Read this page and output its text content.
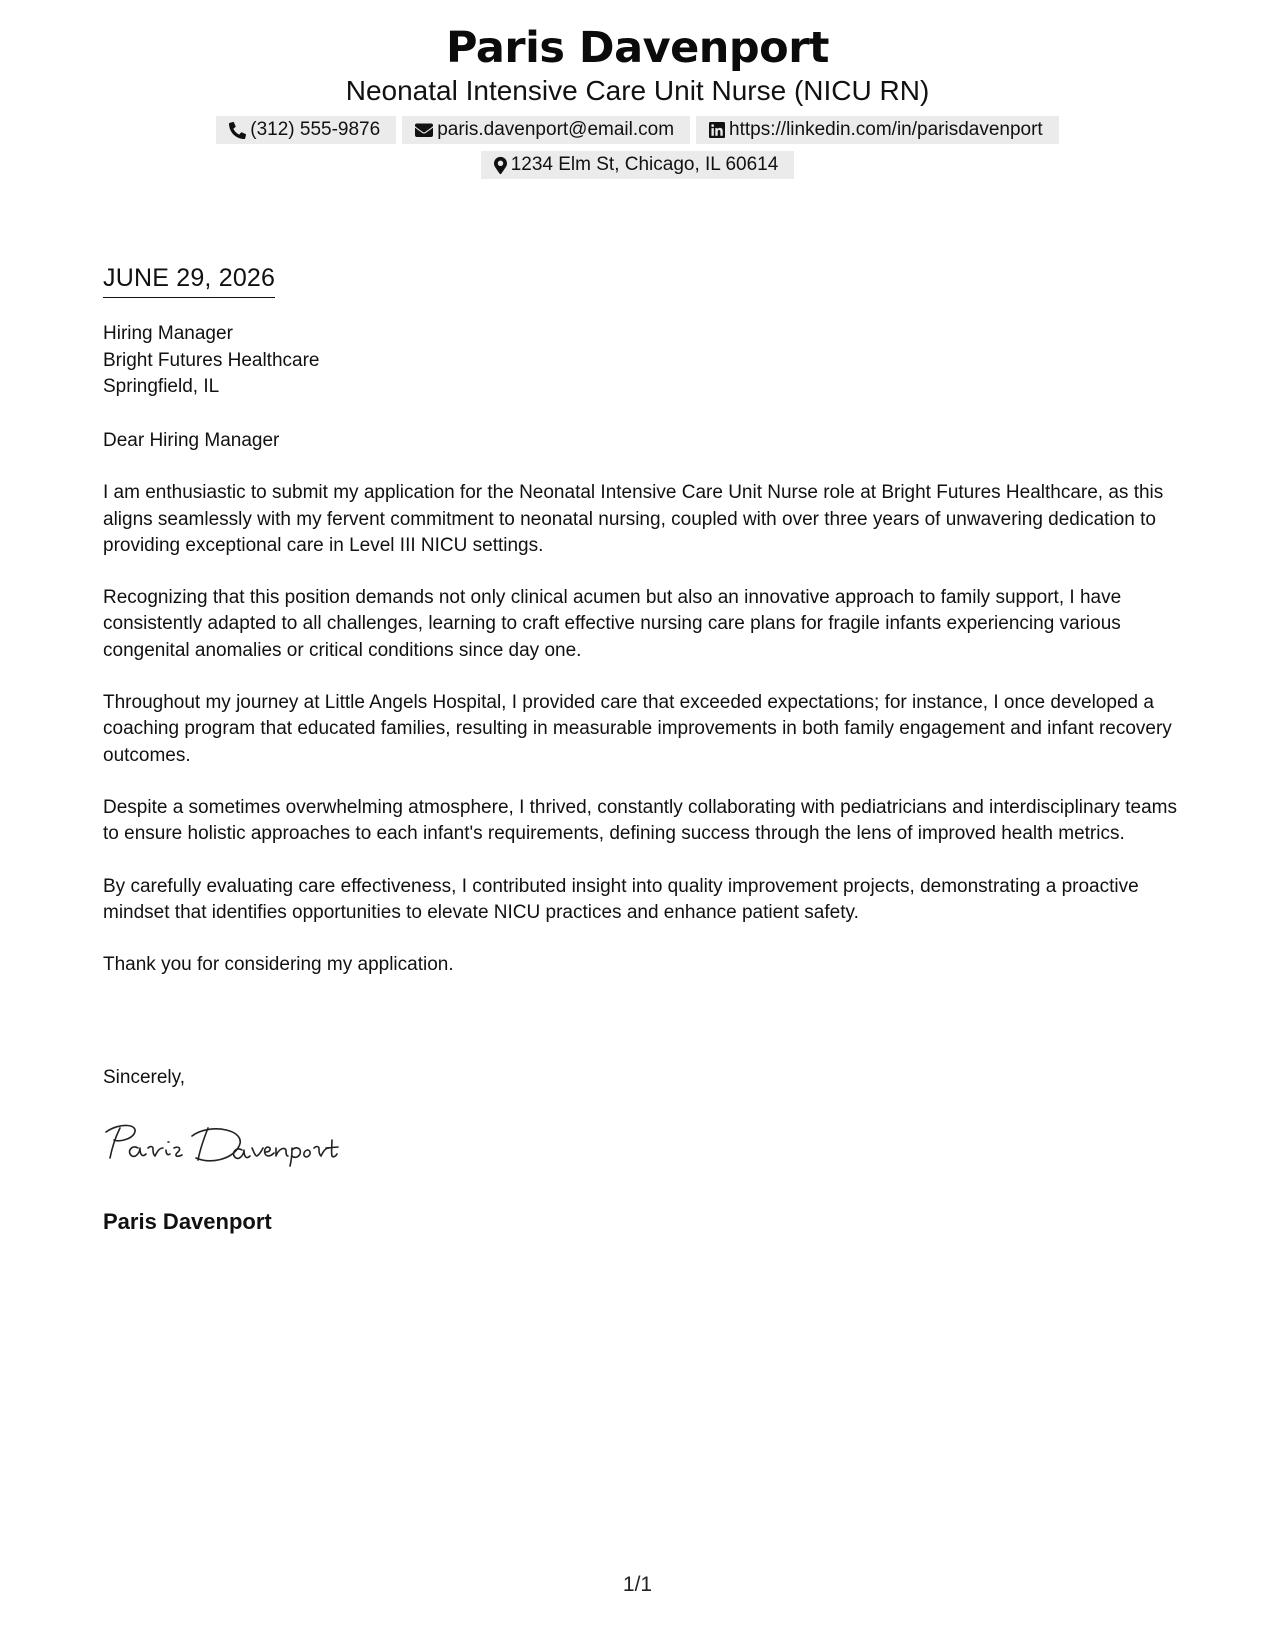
Paris Davenport
Neonatal Intensive Care Unit Nurse (NICU RN)
(312) 555-9876	paris.davenport@email.com	https://linkedin.com/in/parisdavenport
1234 Elm St, Chicago, IL 60614
JUNE 29, 2026
Hiring Manager
Bright Futures Healthcare
Springfield, IL

Dear Hiring Manager

I am enthusiastic to submit my application for the Neonatal Intensive Care Unit Nurse role at Bright Futures Healthcare, as this aligns seamlessly with my fervent commitment to neonatal nursing, coupled with over three years of unwavering dedication to providing exceptional care in Level III NICU settings.

Recognizing that this position demands not only clinical acumen but also an innovative approach to family support, I have consistently adapted to all challenges, learning to craft effective nursing care plans for fragile infants experiencing various congenital anomalies or critical conditions since day one.

Throughout my journey at Little Angels Hospital, I provided care that exceeded expectations; for instance, I once developed a coaching program that educated families, resulting in measurable improvements in both family engagement and infant recovery outcomes.

Despite a sometimes overwhelming atmosphere, I thrived, constantly collaborating with pediatricians and interdisciplinary teams to ensure holistic approaches to each infant's requirements, defining success through the lens of improved health metrics.

By carefully evaluating care effectiveness, I contributed insight into quality improvement projects, demonstrating a proactive mindset that identifies opportunities to elevate NICU practices and enhance patient safety.

Thank you for considering my application.

Sincerely,
Paris Davenport
1/1
